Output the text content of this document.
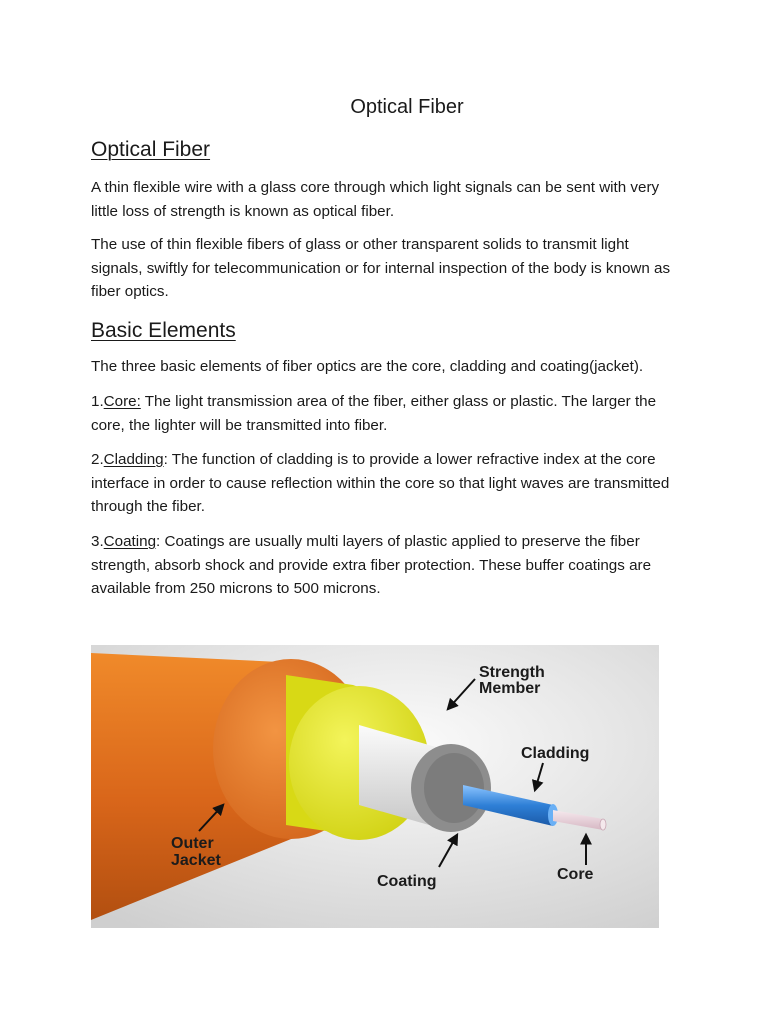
Optical Fiber
Optical Fiber

A thin flexible wire with a glass core through which light signals can be sent with very little loss of strength is known as optical fiber.

The use of thin flexible fibers of glass or other transparent solids to transmit light signals, swiftly for telecommunication or for internal inspection of the body is known as fiber optics.

Basic Elements

The three basic elements of fiber optics are the core, cladding and coating(jacket).

1.Core: The light transmission area of the fiber, either glass or plastic. The larger the core, the lighter will be transmitted into fiber.

2.Cladding: The function of cladding is to provide a lower refractive index at the core interface in order to cause reflection within the core so that light waves are transmitted through the fiber.

3.Coating: Coatings are usually multi layers of plastic applied to preserve the fiber strength, absorb shock and provide extra fiber protection. These buffer coatings are available from 250 microns to 500 microns.

Strength
Member
Cladding
Outer
Jacket
Coating	Core
